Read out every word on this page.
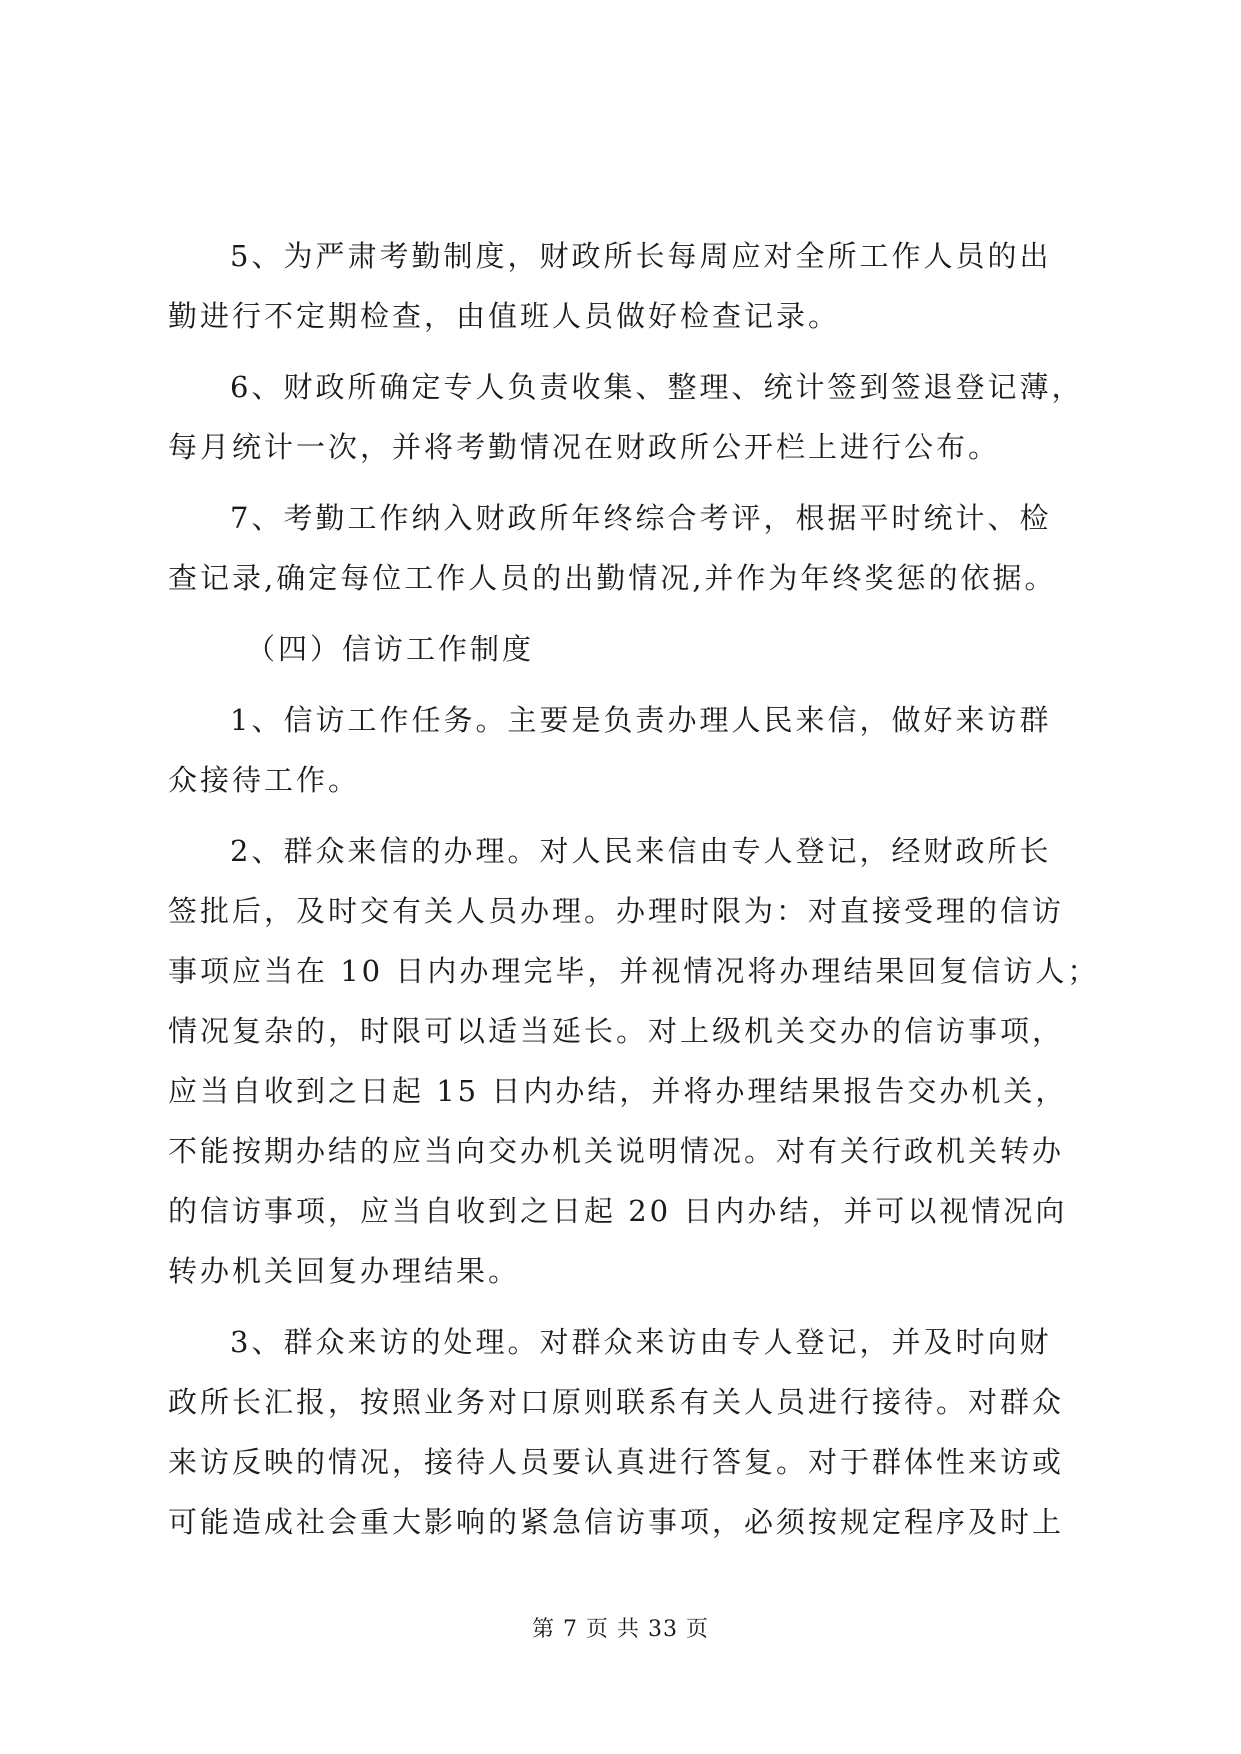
5、为严肃考勤制度，财政所长每周应对全所工作人员的出
勤进行不定期检查，由值班人员做好检查记录。
6、财政所确定专人负责收集、整理、统计签到签退登记薄，
每月统计一次，并将考勤情况在财政所公开栏上进行公布。
7、考勤工作纳入财政所年终综合考评，根据平时统计、检
查记录,确定每位工作人员的出勤情况,并作为年终奖惩的依据。
（四）信访工作制度
1、信访工作任务。主要是负责办理人民来信，做好来访群
众接待工作。
2、群众来信的办理。对人民来信由专人登记，经财政所长
签批后，及时交有关人员办理。办理时限为：对直接受理的信访
事项应当在 10 日内办理完毕，并视情况将办理结果回复信访人；
情况复杂的，时限可以适当延长。对上级机关交办的信访事项，
应当自收到之日起 15 日内办结，并将办理结果报告交办机关，
不能按期办结的应当向交办机关说明情况。对有关行政机关转办
的信访事项，应当自收到之日起 20 日内办结，并可以视情况向
转办机关回复办理结果。
3、群众来访的处理。对群众来访由专人登记，并及时向财
政所长汇报，按照业务对口原则联系有关人员进行接待。对群众
来访反映的情况，接待人员要认真进行答复。对于群体性来访或
可能造成社会重大影响的紧急信访事项，必须按规定程序及时上
第 7 页 共 33 页
